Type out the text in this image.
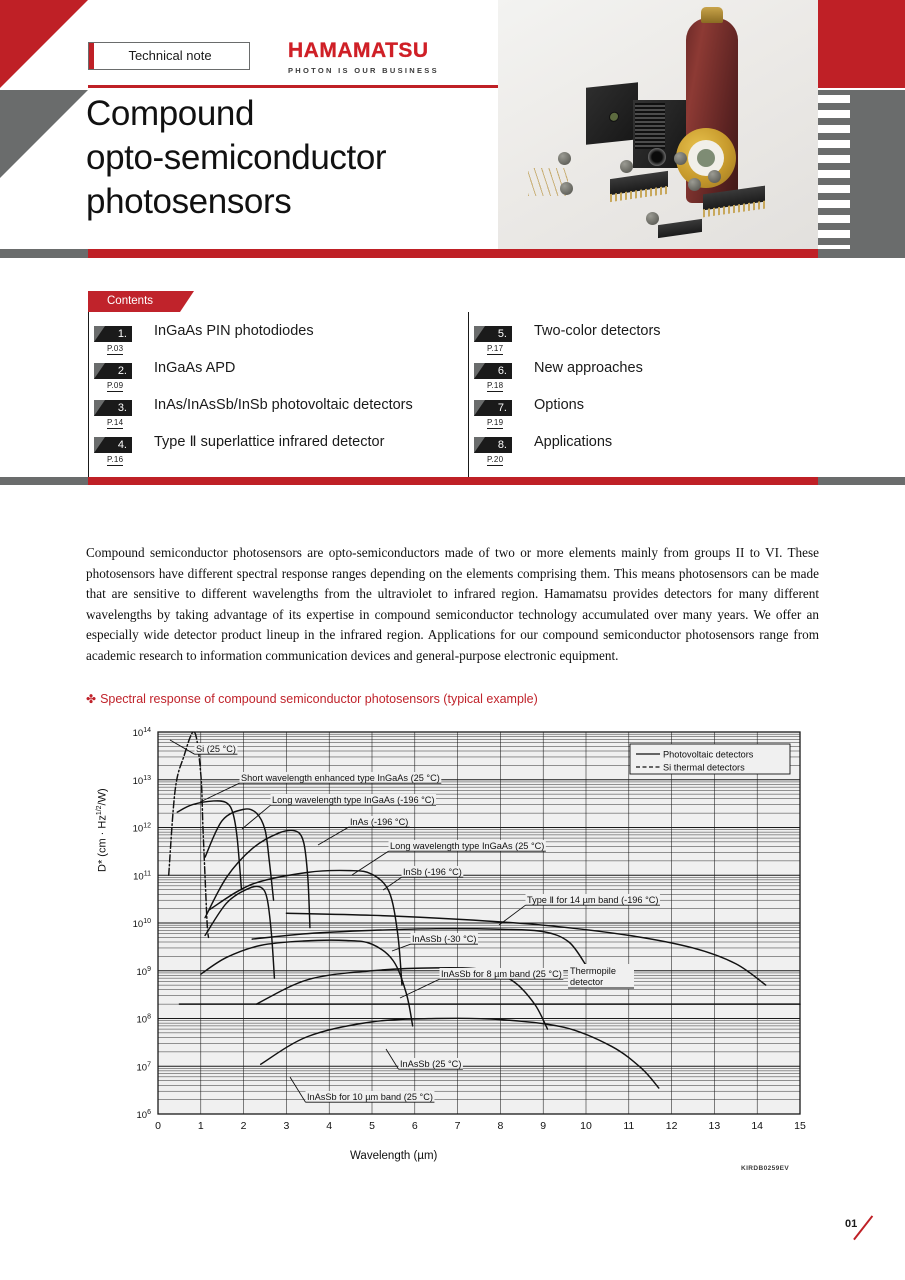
Technical note	HAMAMATSU
PHOTON IS OUR BUSINESS
Compound
opto-semiconductor
photosensors
Contents
1.
P.03
InGaAs PIN photodiodes
2.
P.09
InGaAs APD
3.
P.14
InAs/InAsSb/InSb photovoltaic detectors
4.
P.16
Type Ⅱ superlattice infrared detector
5.
P.17
Two-color detectors
6.
P.18
New approaches
7.
P.19
Options
8.
P.20
Applications
Compound semiconductor photosensors are opto-semiconductors made of two or more elements mainly from groups II to VI. These photosensors have different spectral response ranges depending on the elements comprising them. This means photosensors can be made that are sensitive to different wavelengths from the ultraviolet to infrared region. Hamamatsu provides detectors for many different wavelengths by taking advantage of its expertise in compound semiconductor technology accumulated over many years. We offer an especially wide detector product lineup in the infrared region. Applications for our compound semiconductor photosensors range from academic research to information communication devices and general-purpose electronic equipment.
✤ Spectral response of compound semiconductor photosensors (typical example)
D* $(cm \cdot Hz^{1/2}/W)$
$10^6$
$10^7$
$10^8$
$10^9$
$10^{10}$
$10^{11}$
$10^{12}$
$10^{13}$
$10^{14}$
0	1	2	3	4	5	6	7	8	9	10	11	12	13	14	15
Si (25 °C)
Short wavelength enhanced type InGaAs (25 °C)
Long wavelength type InGaAs (-196 °C)
InAs (-196 °C)
Long wavelength type InGaAs (25 °C)
InSb (-196 °C)
Type Ⅱ for 14 µm band (-196 °C)
InAsSb (-30 °C)
InAsSb for 8 µm band (25 °C)
InAsSb (25 °C)
InAsSb for 10 µm band (25 °C)
Thermopile
detector
Photovoltaic detectors
Si thermal detectors
Wavelength (µm)
KIRDB0259EV
01
